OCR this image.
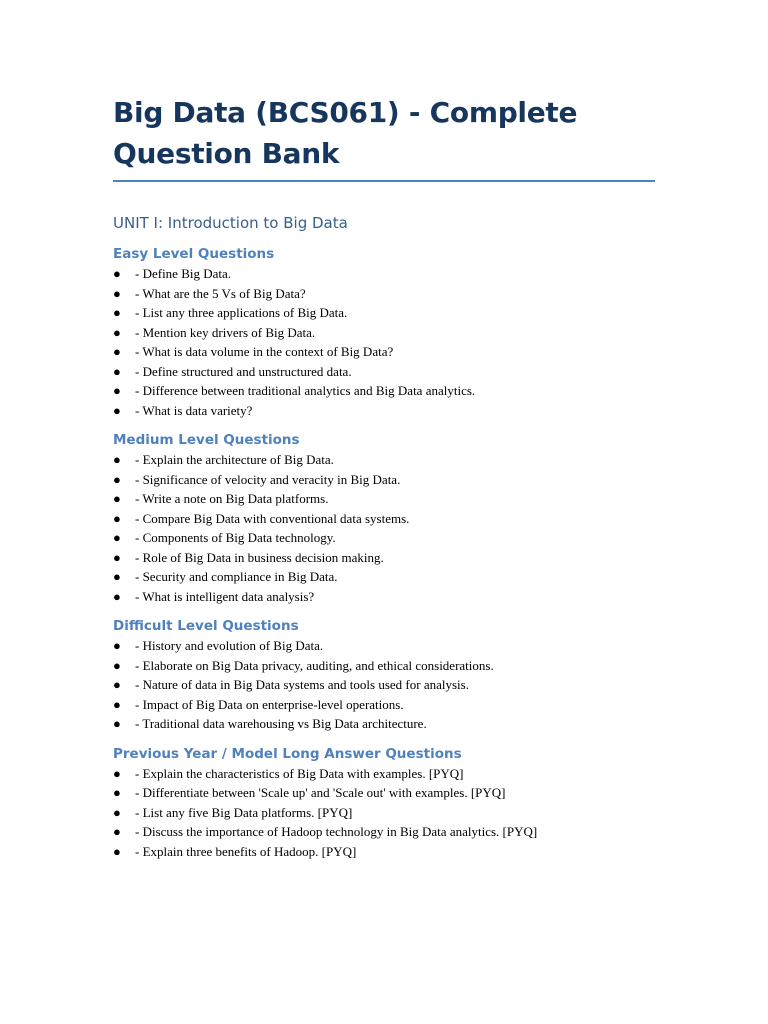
Big Data (BCS061) - Complete Question Bank
UNIT I: Introduction to Big Data
Easy Level Questions
●	- Define Big Data.
●	- What are the 5 Vs of Big Data?
●	- List any three applications of Big Data.
●	- Mention key drivers of Big Data.
●	- What is data volume in the context of Big Data?
●	- Define structured and unstructured data.
●	- Difference between traditional analytics and Big Data analytics.
●	- What is data variety?
Medium Level Questions
●	- Explain the architecture of Big Data.
●	- Significance of velocity and veracity in Big Data.
●	- Write a note on Big Data platforms.
●	- Compare Big Data with conventional data systems.
●	- Components of Big Data technology.
●	- Role of Big Data in business decision making.
●	- Security and compliance in Big Data.
●	- What is intelligent data analysis?
Difficult Level Questions
●	- History and evolution of Big Data.
●	- Elaborate on Big Data privacy, auditing, and ethical considerations.
●	- Nature of data in Big Data systems and tools used for analysis.
●	- Impact of Big Data on enterprise-level operations.
●	- Traditional data warehousing vs Big Data architecture.
Previous Year / Model Long Answer Questions
●	- Explain the characteristics of Big Data with examples. [PYQ]
●	- Differentiate between 'Scale up' and 'Scale out' with examples. [PYQ]
●	- List any five Big Data platforms. [PYQ]
●	- Discuss the importance of Hadoop technology in Big Data analytics. [PYQ]
●	- Explain three benefits of Hadoop. [PYQ]
